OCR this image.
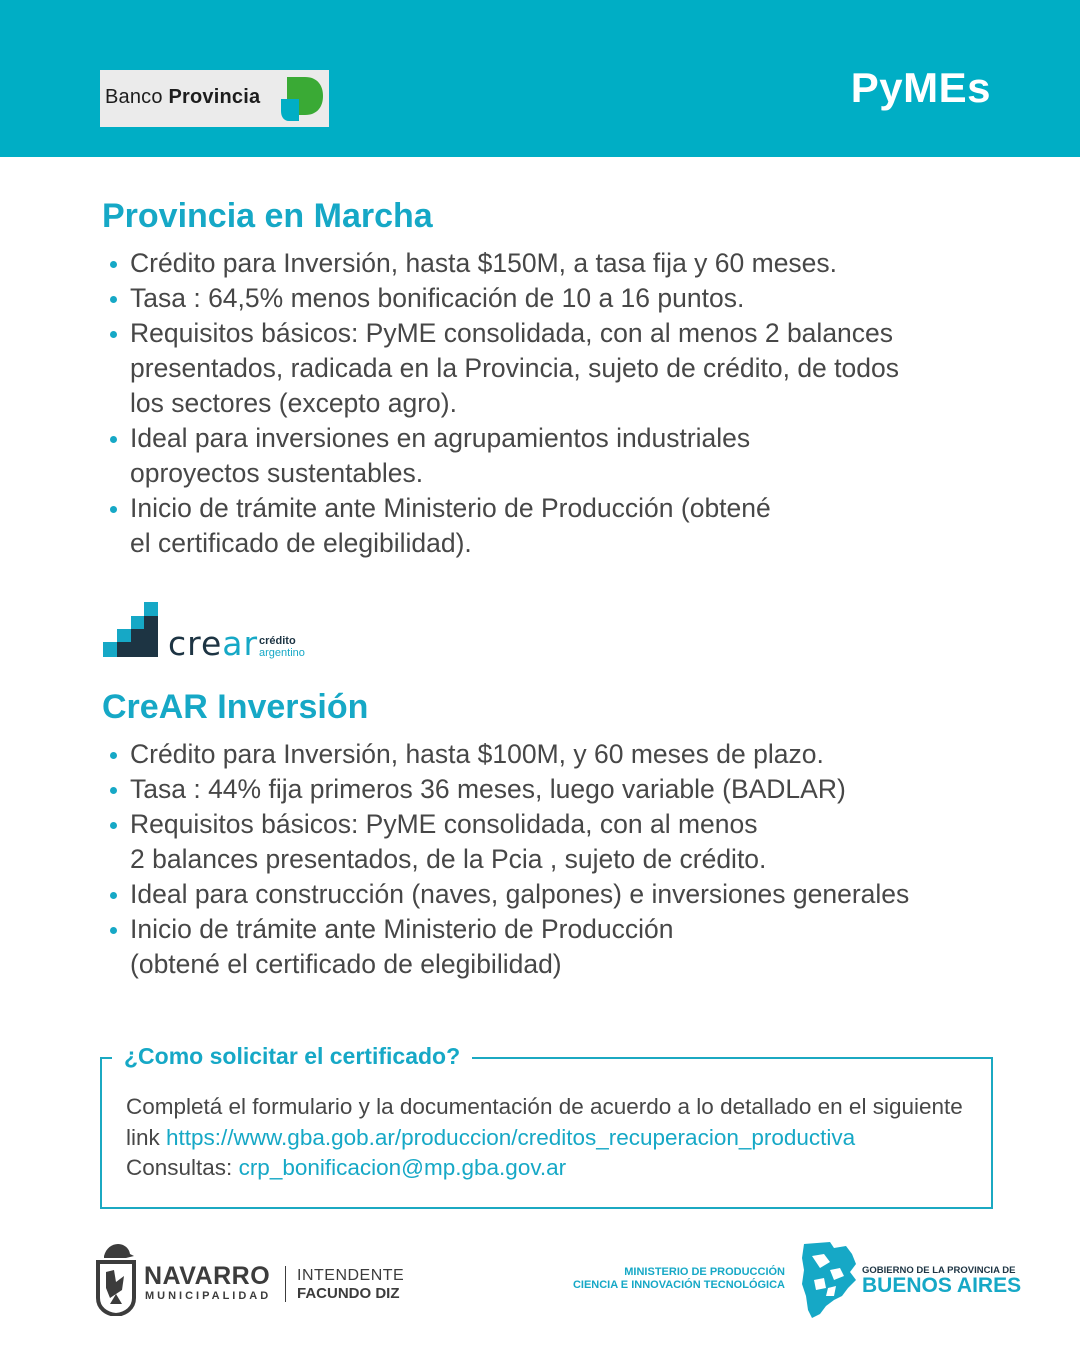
Banco Provincia	PyMEs
Provincia en Marcha
Crédito para Inversión, hasta $150M, a tasa fija y 60 meses.
Tasa : 64,5% menos bonificación de 10 a 16 puntos.
Requisitos básicos: PyME consolidada, con al menos 2 balances
presentados, radicada en la Provincia, sujeto de crédito, de todos
los sectores (excepto agro).
Ideal para inversiones en agrupamientos industriales
oproyectos sustentables.
Inicio de trámite ante Ministerio de Producción (obtené
el certificado de elegibilidad).
crear crédito
argentino
CreAR Inversión
Crédito para Inversión, hasta $100M, y 60 meses de plazo.
Tasa : 44% fija primeros 36 meses, luego variable (BADLAR)
Requisitos básicos: PyME consolidada, con al menos
2 balances presentados, de la Pcia , sujeto de crédito.
Ideal para construcción (naves, galpones) e inversiones generales
Inicio de trámite ante Ministerio de Producción
(obtené el certificado de elegibilidad)
¿Como solicitar el certificado?
Completá el formulario y la documentación de acuerdo a lo detallado en el siguiente
link https://www.gba.gob.ar/produccion/creditos_recuperacion_productiva
Consultas: crp_bonificacion@mp.gba.gov.ar
NAVARRO
MUNICIPALIDAD
INTENDENTE
FACUNDO DIZ
MINISTERIO DE PRODUCCIÓN
CIENCIA E INNOVACIÓN TECNOLÓGICA
GOBIERNO DE LA PROVINCIA DE
BUENOS AIRES
